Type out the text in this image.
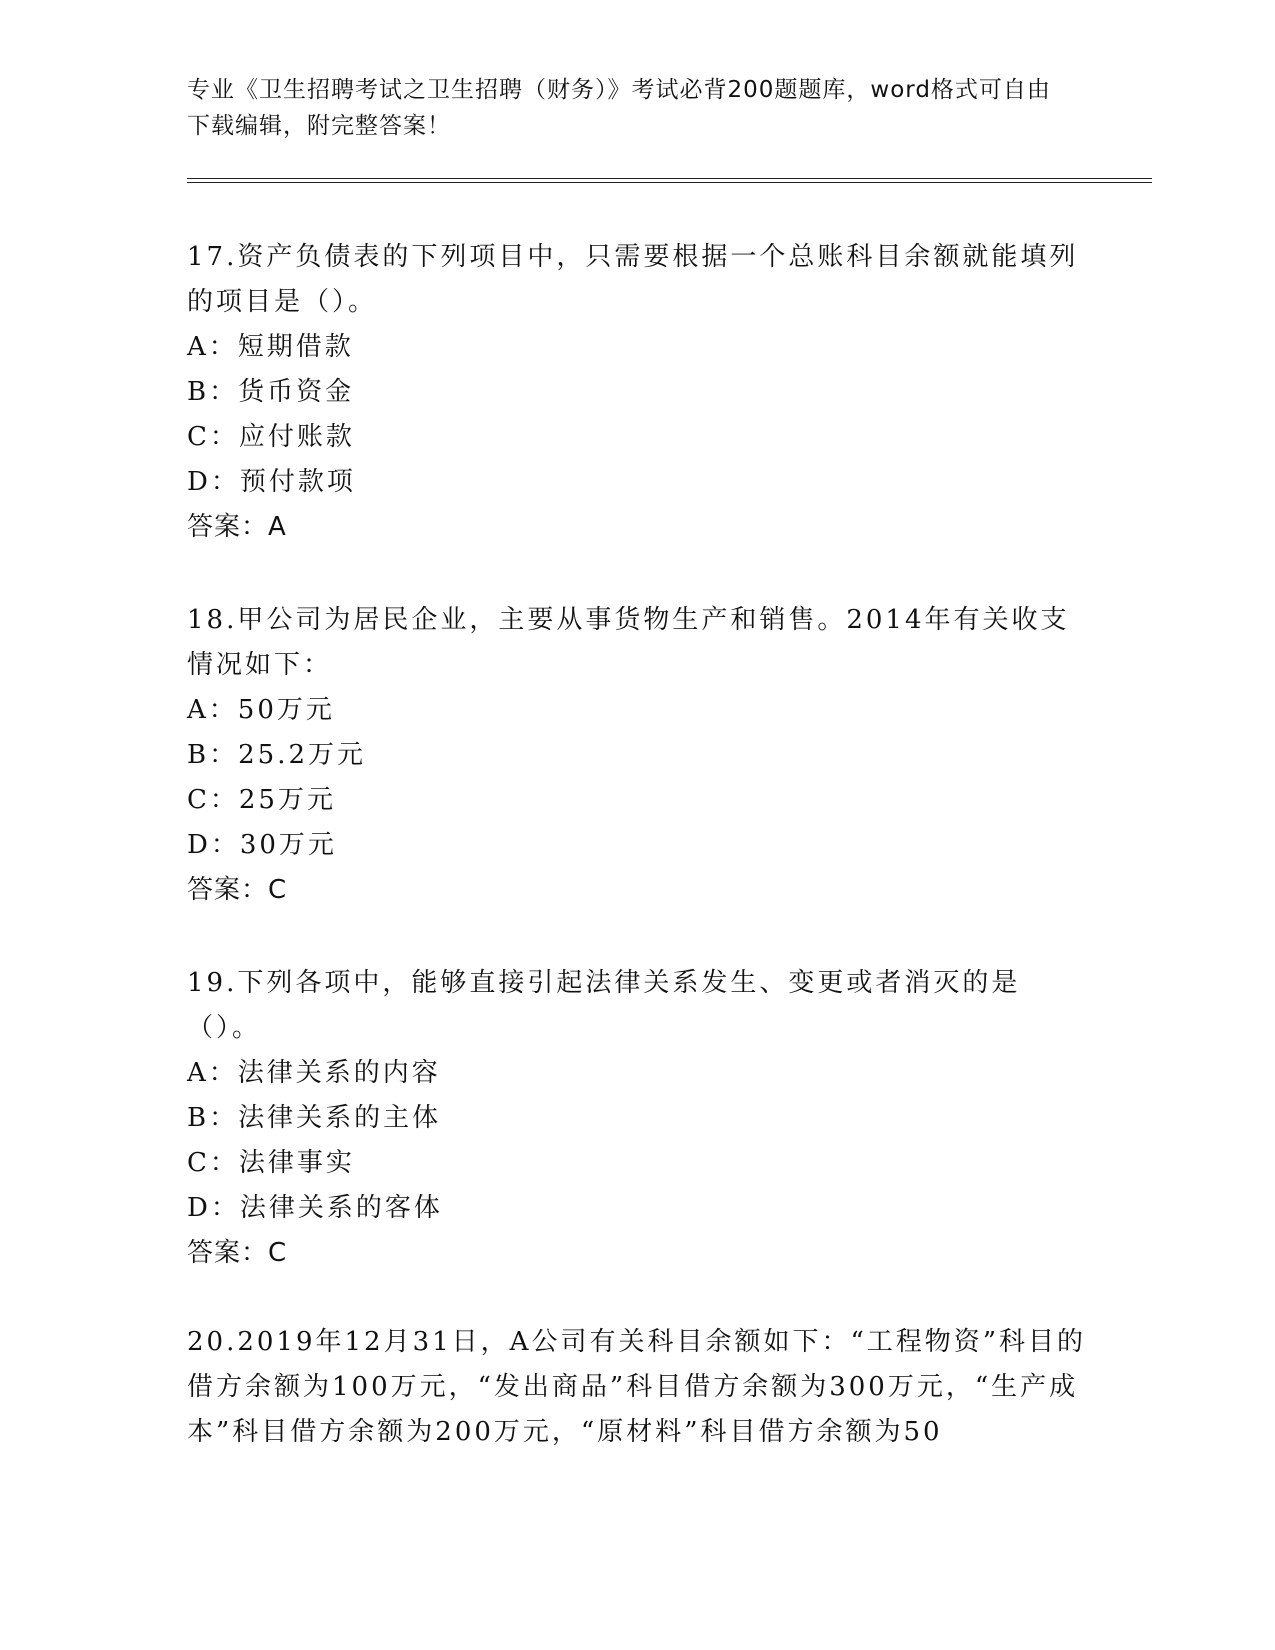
专业《卫生招聘考试之卫生招聘（财务）》考试必背200题题库，word格式可自由下载编辑，附完整答案！
17.资产负债表的下列项目中，只需要根据一个总账科目余额就能填列的项目是（）。
A：短期借款
B：货币资金
C：应付账款
D：预付款项
答案：A
18.甲公司为居民企业，主要从事货物生产和销售。2014年有关收支情况如下：
A：50万元
B：25.2万元
C：25万元
D：30万元
答案：C
19.下列各项中，能够直接引起法律关系发生、变更或者消灭的是（）。
A：法律关系的内容
B：法律关系的主体
C：法律事实
D：法律关系的客体
答案：C
20.2019年12月31日，A公司有关科目余额如下：“工程物资”科目的借方余额为100万元，“发出商品”科目借方余额为300万元，“生产成本”科目借方余额为200万元，“原材料”科目借方余额为50
